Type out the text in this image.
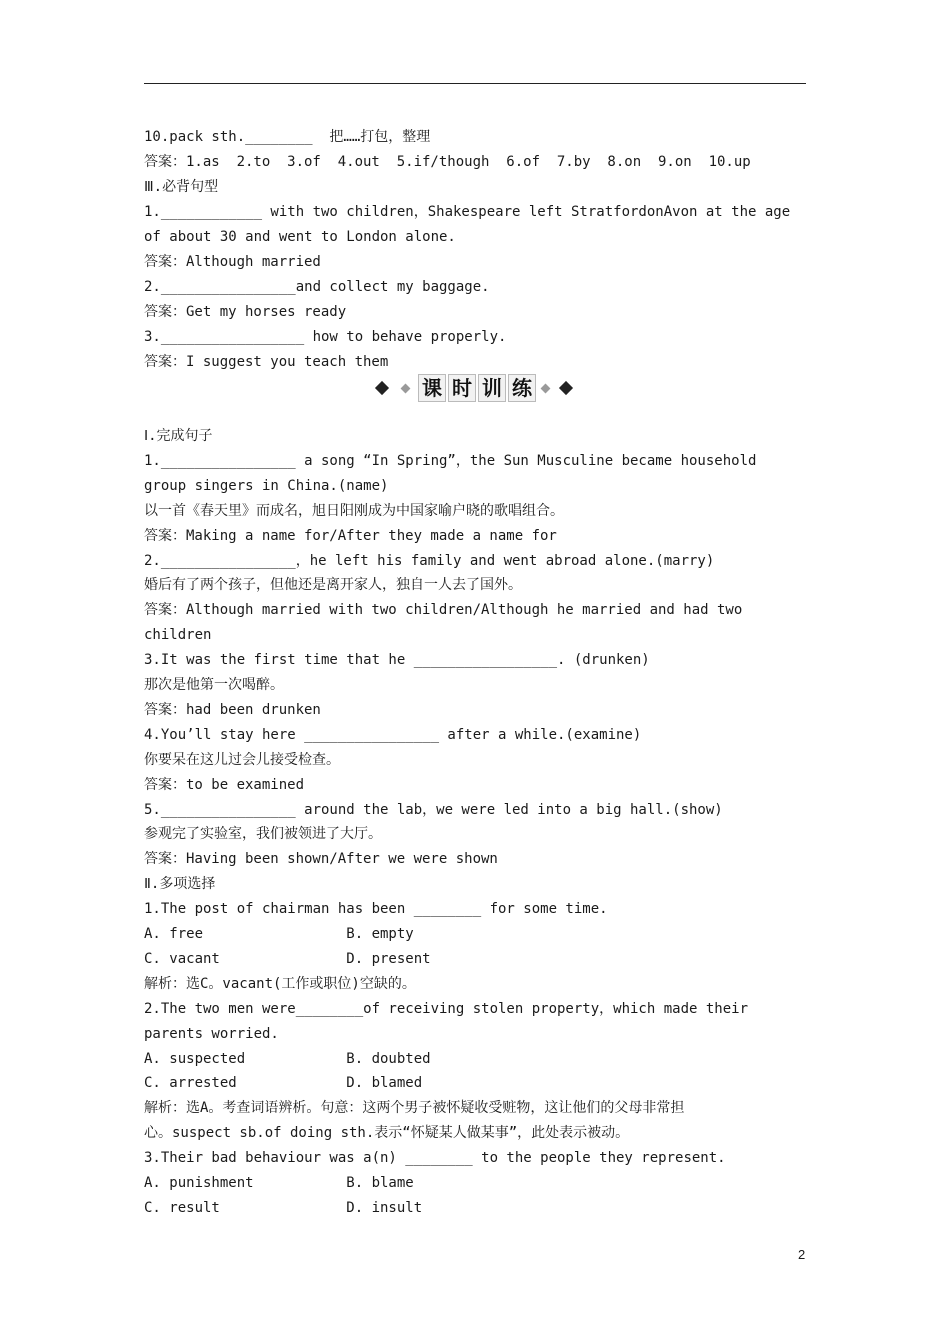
10.pack sth.________  把……打包，整理
答案：1.as  2.to  3.of  4.out  5.if/though  6.of  7.by  8.on  9.on  10.up
Ⅲ.必背句型
1.____________ with two children，Shakespeare left StratfordonAvon at the age
of about 30 and went to London alone.
答案：Although married
2.________________and collect my baggage.
答案：Get my horses ready
3._________________ how to behave properly.
答案：I suggest you teach them
课 时 训 练
Ⅰ.完成句子
1.________________ a song “In Spring”，the Sun Musculine became household
group singers in China.(name)
以一首《春天里》而成名，旭日阳刚成为中国家喻户晓的歌唱组合。
答案：Making a name for/After they made a name for
2.________________，he left his family and went abroad alone.(marry)
婚后有了两个孩子，但他还是离开家人，独自一人去了国外。
答案：Although married with two children/Although he married and had two
children
3.It was the first time that he _________________. (drunken)
那次是他第一次喝醉。
答案：had been drunken
4.You’ll stay here ________________ after a while.(examine)
你要呆在这儿过会儿接受检查。
答案：to be examined
5.________________ around the lab，we were led into a big hall.(show)
参观完了实验室，我们被领进了大厅。
答案：Having been shown/After we were shown
Ⅱ.多项选择
1.The post of chairman has been ________ for some time.
A. free                 B. empty
C. vacant               D. present
解析：选C。vacant(工作或职位)空缺的。
2.The two men were________of receiving stolen property，which made their
parents worried.
A. suspected            B. doubted
C. arrested             D. blamed
解析：选A。考查词语辨析。句意：这两个男子被怀疑收受赃物，这让他们的父母非常担
心。suspect sb.of doing sth.表示“怀疑某人做某事”，此处表示被动。
3.Their bad behaviour was a(n) ________ to the people they represent.
A. punishment           B. blame
C. result               D. insult
2
